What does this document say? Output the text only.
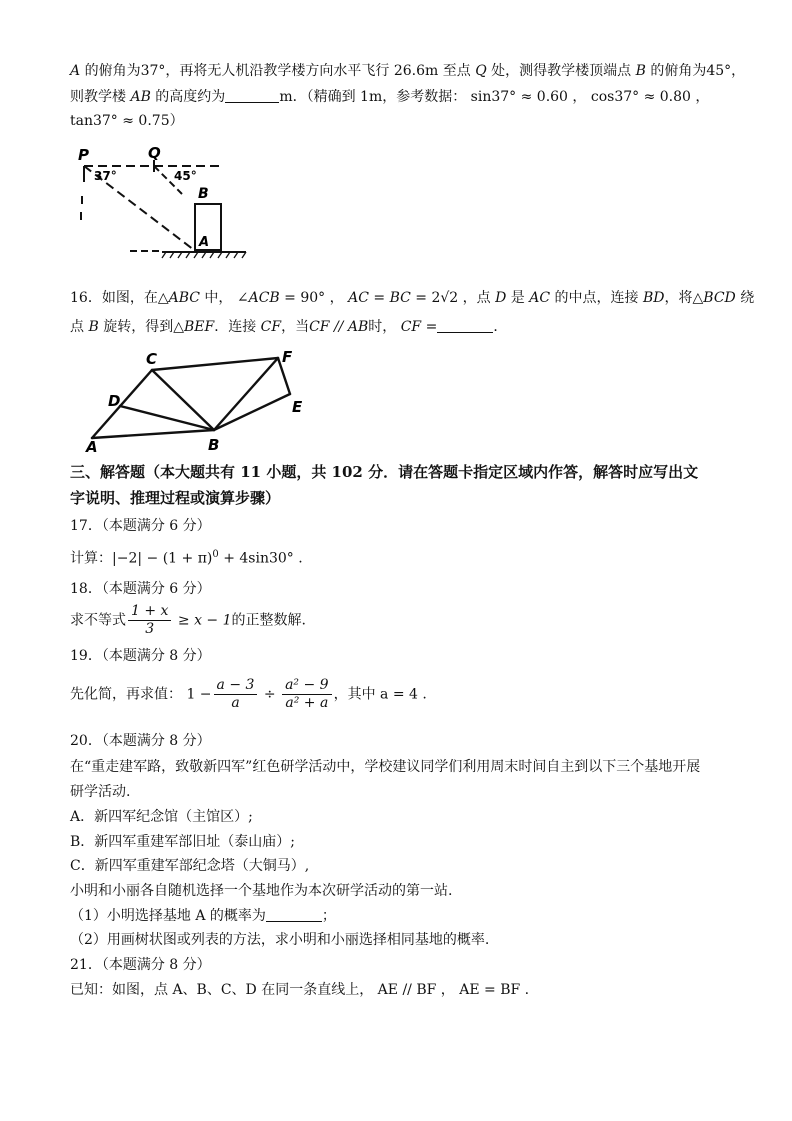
A 的俯角为37°，再将无人机沿教学楼方向水平飞行 26.6m 至点 Q 处，测得教学楼顶端点 B 的俯角为45°，
则教学楼 AB 的高度约为	m．（精确到 1m，参考数据： sin37° ≈ 0.60 ， cos37° ≈ 0.80 ，
tan37° ≈ 0.75）
P	Q
B
A
37°	45°
16．如图，在△ABC 中， ∠ACB = 90° ， AC = BC = 2√2 ，点 D 是 AC 的中点，连接 BD，将△BCD 绕
点 B 旋转，得到△BEF．连接 CF，当CF // AB时， CF =	．
C
D
A	B
F
E
三、解答题（本大题共有 11 小题，共 102 分．请在答题卡指定区域内作答，解答时应写出文
字说明、推理过程或演算步骤）
17．（本题满分 6 分）
计算：$|-2| - (1 + \pi)^0 + 4\sin 30^\circ$ .
18．（本题满分 6 分）
求不等式 $\frac{1 + x}{3} \ge x - 1$的正整数解.
19．（本题满分 8 分）
先化简，再求值： $1 - \frac{a - 3}{a} \div \frac{\text{a² − 9}}{\text{a² + a}}$ ，其中 a = 4 .
20．（本题满分 8 分）
在“重走建军路，致敬新四军”红色研学活动中，学校建议同学们利用周末时间自主到以下三个基地开展
研学活动.
A．新四军纪念馆（主馆区）;
B．新四军重建军部旧址（泰山庙）;
C．新四军重建军部纪念塔（大铜马）,
小明和小丽各自随机选择一个基地作为本次研学活动的第一站.
（1）小明选择基地 A 的概率为	；
（2）用画树状图或列表的方法，求小明和小丽选择相同基地的概率.
21．（本题满分 8 分）
已知：如图，点 A、B、C、D 在同一条直线上， AE // BF ， AE = BF .
